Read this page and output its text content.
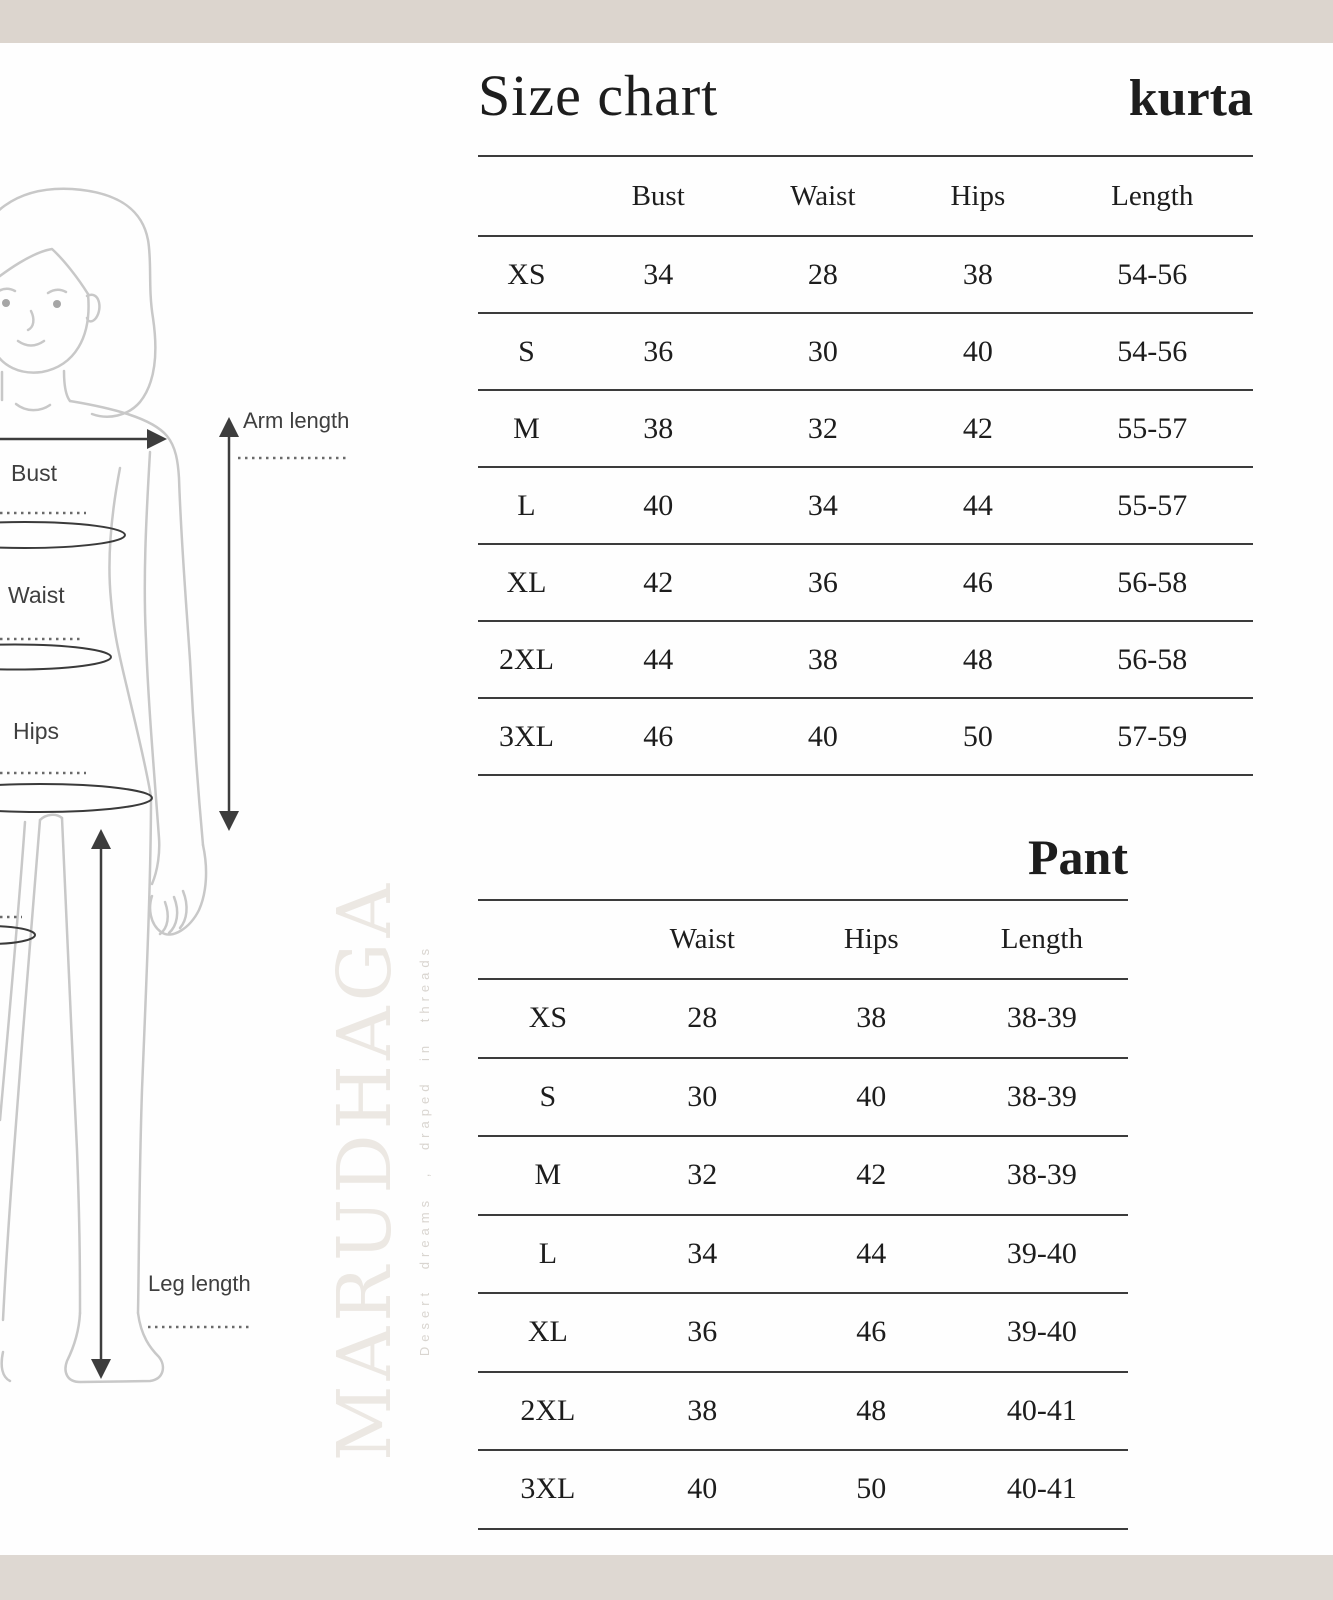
MARUDHAGA Desert dreams , draped in threads
Arm length
Bust
Waist
Hips
Leg length
Size chart	kurta
	Bust	Waist	Hips	Length
XS	34	28	38	54-56
S	36	30	40	54-56
M	38	32	42	55-57
L	40	34	44	55-57
XL	42	36	46	56-58
2XL	44	38	48	56-58
3XL	46	40	50	57-59
Pant
	Waist	Hips	Length
XS	28	38	38-39
S	30	40	38-39
M	32	42	38-39
L	34	44	39-40
XL	36	46	39-40
2XL	38	48	40-41
3XL	40	50	40-41
